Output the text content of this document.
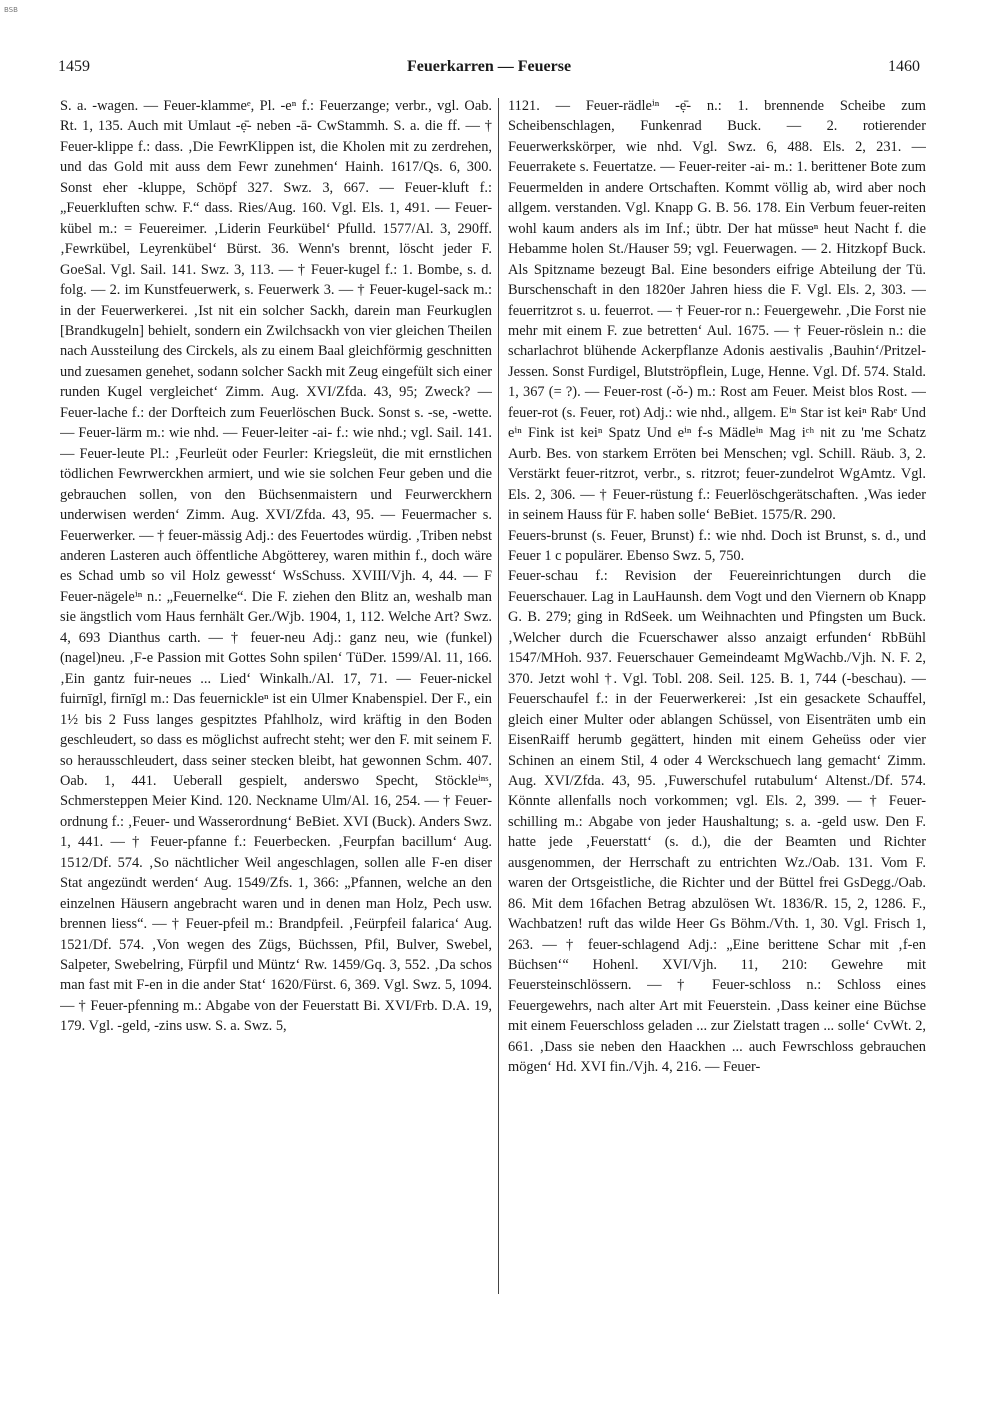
BSB
1459	Feuerkarren — Feuerse	1460

S. a. -wagen. — Feuer-klammeᵉ, Pl. -eⁿ f.: Feuerzange; verbr., vgl. Oab. Rt. 1, 135. Auch mit Umlaut -ẹ̄- neben -ā- CwStammh. S. a. die ff. — † Feuer-klippe f.: dass. ‚Die FewrKlippen ist, die Kholen mit zu zerdrehen, und das Gold mit auss dem Fewr zunehmen‘ Hainh. 1617/Qs. 6, 300. Sonst eher -kluppe, Schöpf 327. Swz. 3, 667. — Feuer-kluft f.: „Feuerkluften schw. F.“ dass. Ries/Aug. 160. Vgl. Els. 1, 491. — Feuer-kübel m.: = Feuereimer. ‚Liderin Feurkübel‘ Pfulld. 1577/Al. 3, 290ff. ‚Fewrkübel, Leyrenkübel‘ Bürst. 36. Wenn's brennt, löscht jeder F. GoeSal. Vgl. Sail. 141. Swz. 3, 113. — † Feuer-kugel f.: 1. Bombe, s. d. folg. — 2. im Kunstfeuerwerk, s. Feuerwerk 3. — † Feuer-kugel-sack m.: in der Feuerwerkerei. ‚Ist nit ein solcher Sackh, darein man Feurkuglen [Brandkugeln] behielt, sondern ein Zwilchsackh von vier gleichen Theilen nach Aussteilung des Circkels, als zu einem Baal gleichförmig geschnitten und zuesamen genehet, sodann solcher Sackh mit Zeug eingefült sich einer runden Kugel vergleichet‘ Zimm. Aug. XVI/Zfda. 43, 95; Zweck? — Feuer-lache f.: der Dorfteich zum Feuerlöschen Buck. Sonst s. -se, -wette. — Feuer-lärm m.: wie nhd. — Feuer-leiter -ai- f.: wie nhd.; vgl. Sail. 141. — Feuer-leute Pl.: ‚Feurleüt oder Feurler: Kriegsleüt, die mit ernstlichen tödlichen Fewrwerckhen armiert, und wie sie solchen Feur geben und die gebrauchen sollen, von den Büchsenmaistern und Feurwerckhern underwisen werden‘ Zimm. Aug. XVI/Zfda. 43, 95. — Feuermacher s. Feuerwerker. — † feuer-mässig Adj.: des Feuertodes würdig. ‚Triben nebst anderen Lasteren auch öffentliche Abgötterey, waren mithin f., doch wäre es Schad umb so vil Holz gewesst‘ WsSchuss. XVIII/Vjh. 4, 44. — F Feuer-nägeleⁱⁿ n.: „Feuernelke“. Die F. ziehen den Blitz an, weshalb man sie ängstlich vom Haus fernhält Ger./Wjb. 1904, 1, 112. Welche Art? Swz. 4, 693 Dianthus carth. — † feuer-neu Adj.: ganz neu, wie (funkel)(nagel)neu. ‚F-e Passion mit Gottes Sohn spilen‘ TüDer. 1599/Al. 11, 166. ‚Ein gantz fuir-neues ... Lied‘ Winkalh./Al. 17, 71. — Feuer-nickel fuirnīgl, firnīgl m.: Das feuernickleⁿ ist ein Ulmer Knabenspiel. Der F., ein 1½ bis 2 Fuss langes gespitztes Pfahlholz, wird kräftig in den Boden geschleudert, so dass es möglichst aufrecht steht; wer den F. mit seinem F. so herausschleudert, dass seiner stecken bleibt, hat gewonnen Schm. 407. Oab. 1, 441. Ueberall gespielt, anderswo Specht, Stöckleⁱⁿˢ, Schmersteppen Meier Kind. 120. Neckname Ulm/Al. 16, 254. — † Feuer-ordnung f.: ‚Feuer- und Wasserordnung‘ BeBiet. XVI (Buck). Anders Swz. 1, 441. — † Feuer-pfanne f.: Feuerbecken. ‚Feurpfan bacillum‘ Aug. 1512/Df. 574. ‚So nächtlicher Weil angeschlagen, sollen alle F-en diser Stat angezündt werden‘ Aug. 1549/Zfs. 1, 366: „Pfannen, welche an den einzelnen Häusern angebracht waren und in denen man Holz, Pech usw. brennen liess“. — † Feuer-pfeil m.: Brandpfeil. ‚Feürpfeil falarica‘ Aug. 1521/Df. 574. ‚Von wegen des Zügs, Büchssen, Pfil, Bulver, Swebel, Salpeter, Swebelring, Fürpfil und Müntz‘ Rw. 1459/Gq. 3, 552. ‚Da schos man fast mit F-en in die ander Stat‘ 1620/Fürst. 6, 369. Vgl. Swz. 5, 1094. — † Feuer-pfenning m.: Abgabe von der Feuerstatt Bi. XVI/Frb. D.A. 19, 179. Vgl. -geld, -zins usw. S. a. Swz. 5,

1121. — Feuer-rädleⁱⁿ -ẹ̄- n.: 1. brennende Scheibe zum Scheibenschlagen, Funkenrad Buck. — 2. rotierender Feuerwerkskörper, wie nhd. Vgl. Swz. 6, 488. Els. 2, 231. — Feuerrakete s. Feuertatze. — Feuer-reiter -ai- m.: 1. berittener Bote zum Feuermelden in andere Ortschaften. Kommt völlig ab, wird aber noch allgem. verstanden. Vgl. Knapp G. B. 56. 178. Ein Verbum feuer-reiten wohl kaum anders als im Inf.; übtr. Der hat müsseⁿ heut Nacht f. die Hebamme holen St./Hauser 59; vgl. Feuerwagen. — 2. Hitzkopf Buck. Als Spitzname bezeugt Bal. Eine besonders eifrige Abteilung der Tü. Burschenschaft in den 1820er Jahren hiess die F. Vgl. Els. 2, 303. — feuerritzrot s. u. feuerrot. — † Feuer-ror n.: Feuergewehr. ‚Die Forst nie mehr mit einem F. zue betretten‘ Aul. 1675. — † Feuer-röslein n.: die scharlachrot blühende Ackerpflanze Adonis aestivalis ‚Bauhin‘/Pritzel-Jessen. Sonst Furdigel, Blutströpflein, Luge, Henne. Vgl. Df. 574. Stald. 1, 367 (= ?). — Feuer-rost (-ǒ-) m.: Rost am Feuer. Meist blos Rost. — feuer-rot (s. Feuer, rot) Adj.: wie nhd., allgem. Eⁱⁿ Star ist keiⁿ Rabᵉ Und eⁱⁿ Fink ist keiⁿ Spatz Und eⁱⁿ f-s Mädleⁱⁿ Mag iᶜʰ nit zu 'me Schatz Aurb. Bes. von starkem Erröten bei Menschen; vgl. Schill. Räub. 3, 2. Verstärkt feuer-ritzrot, verbr., s. ritzrot; feuer-zundelrot WgAmtz. Vgl. Els. 2, 306. — † Feuer-rüstung f.: Feuerlöschgerätschaften. ‚Was ieder in seinem Hauss für F. haben solle‘ BeBiet. 1575/R. 290.

Feuers-brunst (s. Feuer, Brunst) f.: wie nhd. Doch ist Brunst, s. d., und Feuer 1 c populärer. Ebenso Swz. 5, 750.

Feuer-schau f.: Revision der Feuereinrichtungen durch die Feuerschauer. Lag in LauHaunsh. dem Vogt und den Viernern ob Knapp G. B. 279; ging in RdSeek. um Weihnachten und Pfingsten um Buck. ‚Welcher durch die Fcuerschawer alsso anzaigt erfunden‘ RbBühl 1547/MHoh. 937. Feuerschauer Gemeindeamt MgWachb./Vjh. N. F. 2, 370. Jetzt wohl †. Vgl. Tobl. 208. Seil. 125. B. 1, 744 (-beschau). — Feuerschaufel f.: in der Feuerwerkerei: ‚Ist ein gesackete Schauffel, gleich einer Multer oder ablangen Schüssel, von Eisenträten umb ein EisenRaiff herumb gegättert, hinden mit einem Geheüss oder vier Schinen an einem Stil, 4 oder 4 Werckschuech lang gemacht‘ Zimm. Aug. XVI/Zfda. 43, 95. ‚Fuwerschufel rutabulum‘ Altenst./Df. 574. Könnte allenfalls noch vorkommen; vgl. Els. 2, 399. — † Feuer-schilling m.: Abgabe von jeder Haushaltung; s. a. -geld usw. Den F. hatte jede ‚Feuerstatt‘ (s. d.), die der Beamten und Richter ausgenommen, der Herrschaft zu entrichten Wz./Oab. 131. Vom F. waren der Ortsgeistliche, die Richter und der Büttel frei GsDegg./Oab. 86. Mit dem 16fachen Betrag abzulösen Wt. 1836/R. 15, 2, 1286. F., Wachbatzen! ruft das wilde Heer Gs Böhm./Vth. 1, 30. Vgl. Frisch 1, 263. — † feuer-schlagend Adj.: „Eine berittene Schar mit ‚f-en Büchsen‘“ Hohenl. XVI/Vjh. 11, 210: Gewehre mit Feuersteinschlössern. — † Feuer-schloss n.: Schloss eines Feuergewehrs, nach alter Art mit Feuerstein. ‚Dass keiner eine Büchse mit einem Feuerschloss geladen ... zur Zielstatt tragen ... solle‘ CvWt. 2, 661. ‚Dass sie neben den Haackhen ... auch Fewrschloss gebrauchen mögen‘ Hd. XVI fin./Vjh. 4, 216. — Feuer-
